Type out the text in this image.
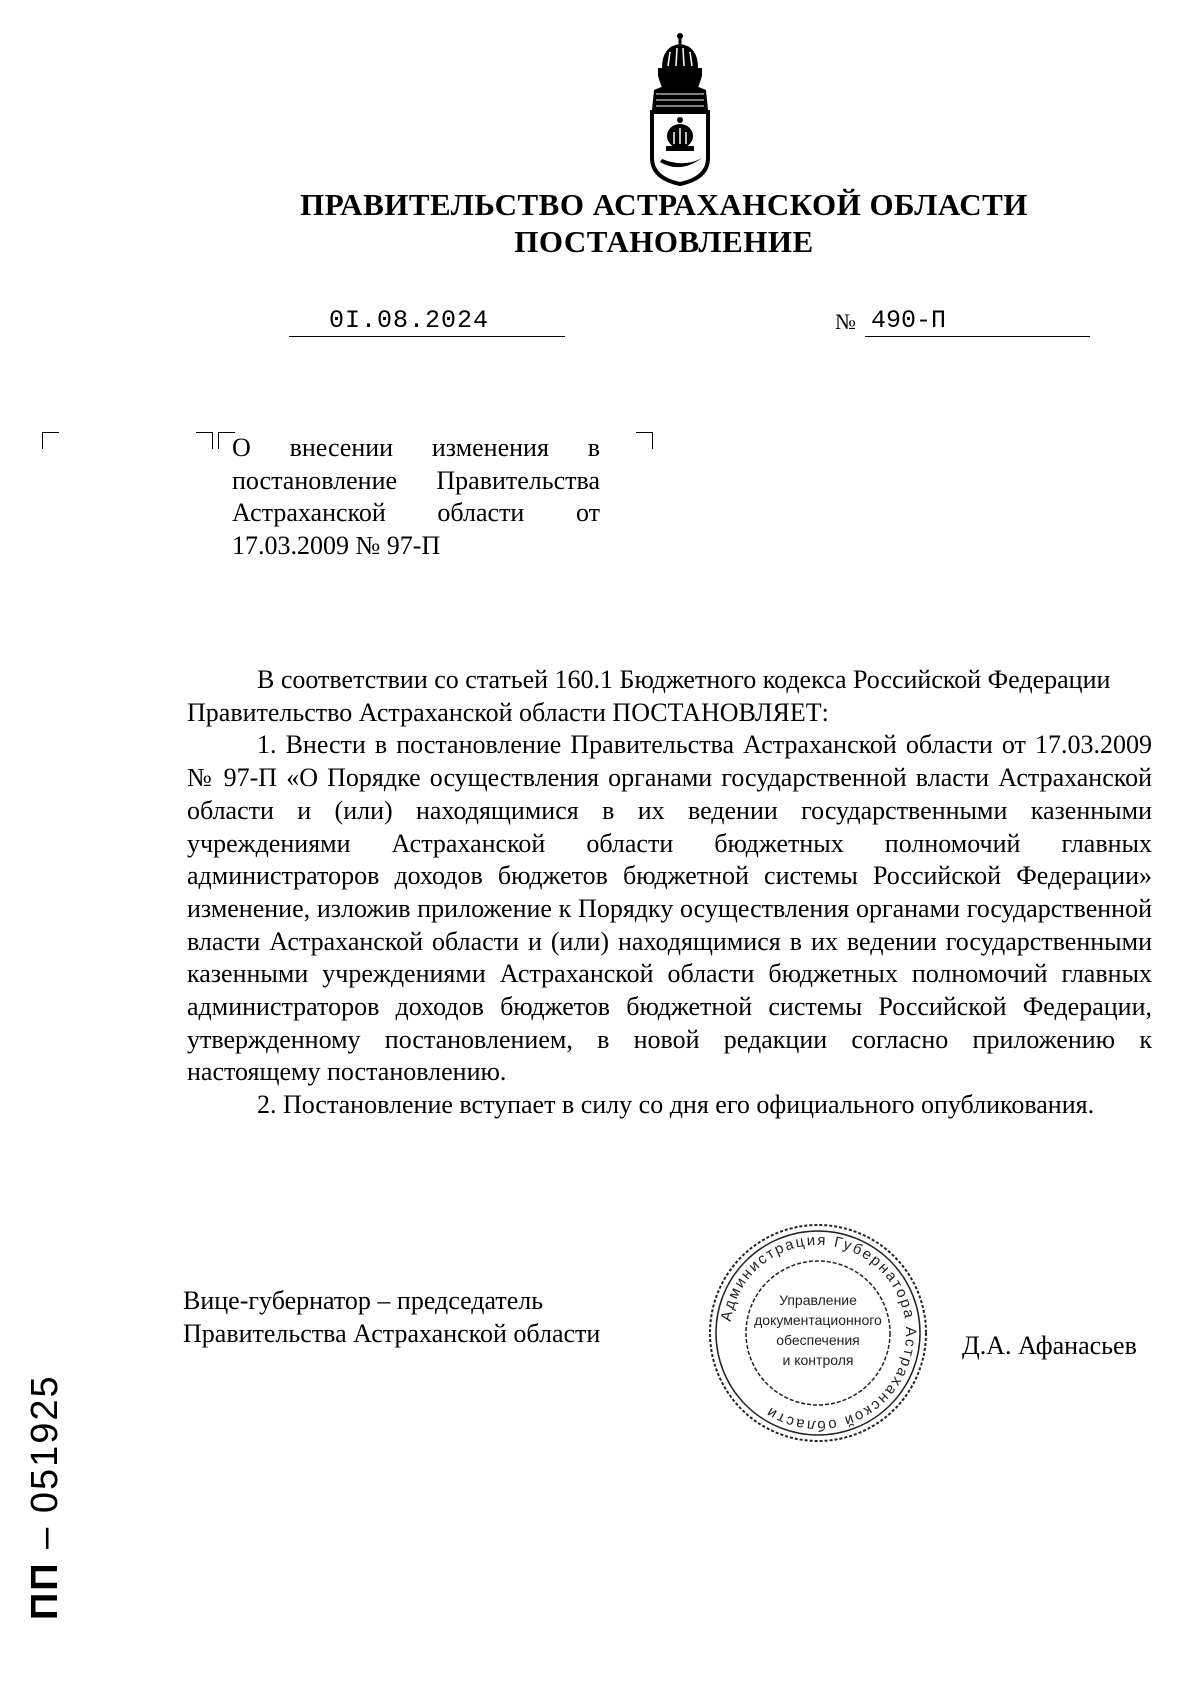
ПРАВИТЕЛЬСТВО АСТРАХАНСКОЙ ОБЛАСТИ
ПОСТАНОВЛЕНИЕ
0I.08.2024	№ 490-П
О внесении изменения в постановление Правительства Астраханской области от 17.03.2009 № 97-П

В соответствии со статьей 160.1 Бюджетного кодекса Российской Федерации

Правительство Астраханской области ПОСТАНОВЛЯЕТ:

1. Внести в постановление Правительства Астраханской области от 17.03.2009 № 97-П «О Порядке осуществления органами государственной власти Астраханской области и (или) находящимися в их ведении государственными казенными учреждениями Астраханской области бюджетных полномочий главных администраторов доходов бюджетов бюджетной системы Российской Федерации» изменение, изложив приложение к Порядку осуществления органами государственной власти Астраханской области и (или) находящимися в их ведении государственными казенными учреждениями Астраханской области бюджетных полномочий главных администраторов доходов бюджетов бюджетной системы Российской Федерации, утвержденному постановлением, в новой редакции согласно приложению к настоящему постановлению.

2. Постановление вступает в силу со дня его официального опубликования.

Вице-губернатор – председатель
Правительства Астраханской области	Д.А. Афанасьев
Администрация Губернатора Астраханской области
Управление
документационного
обеспечения
и контроля
ПП – 051925
